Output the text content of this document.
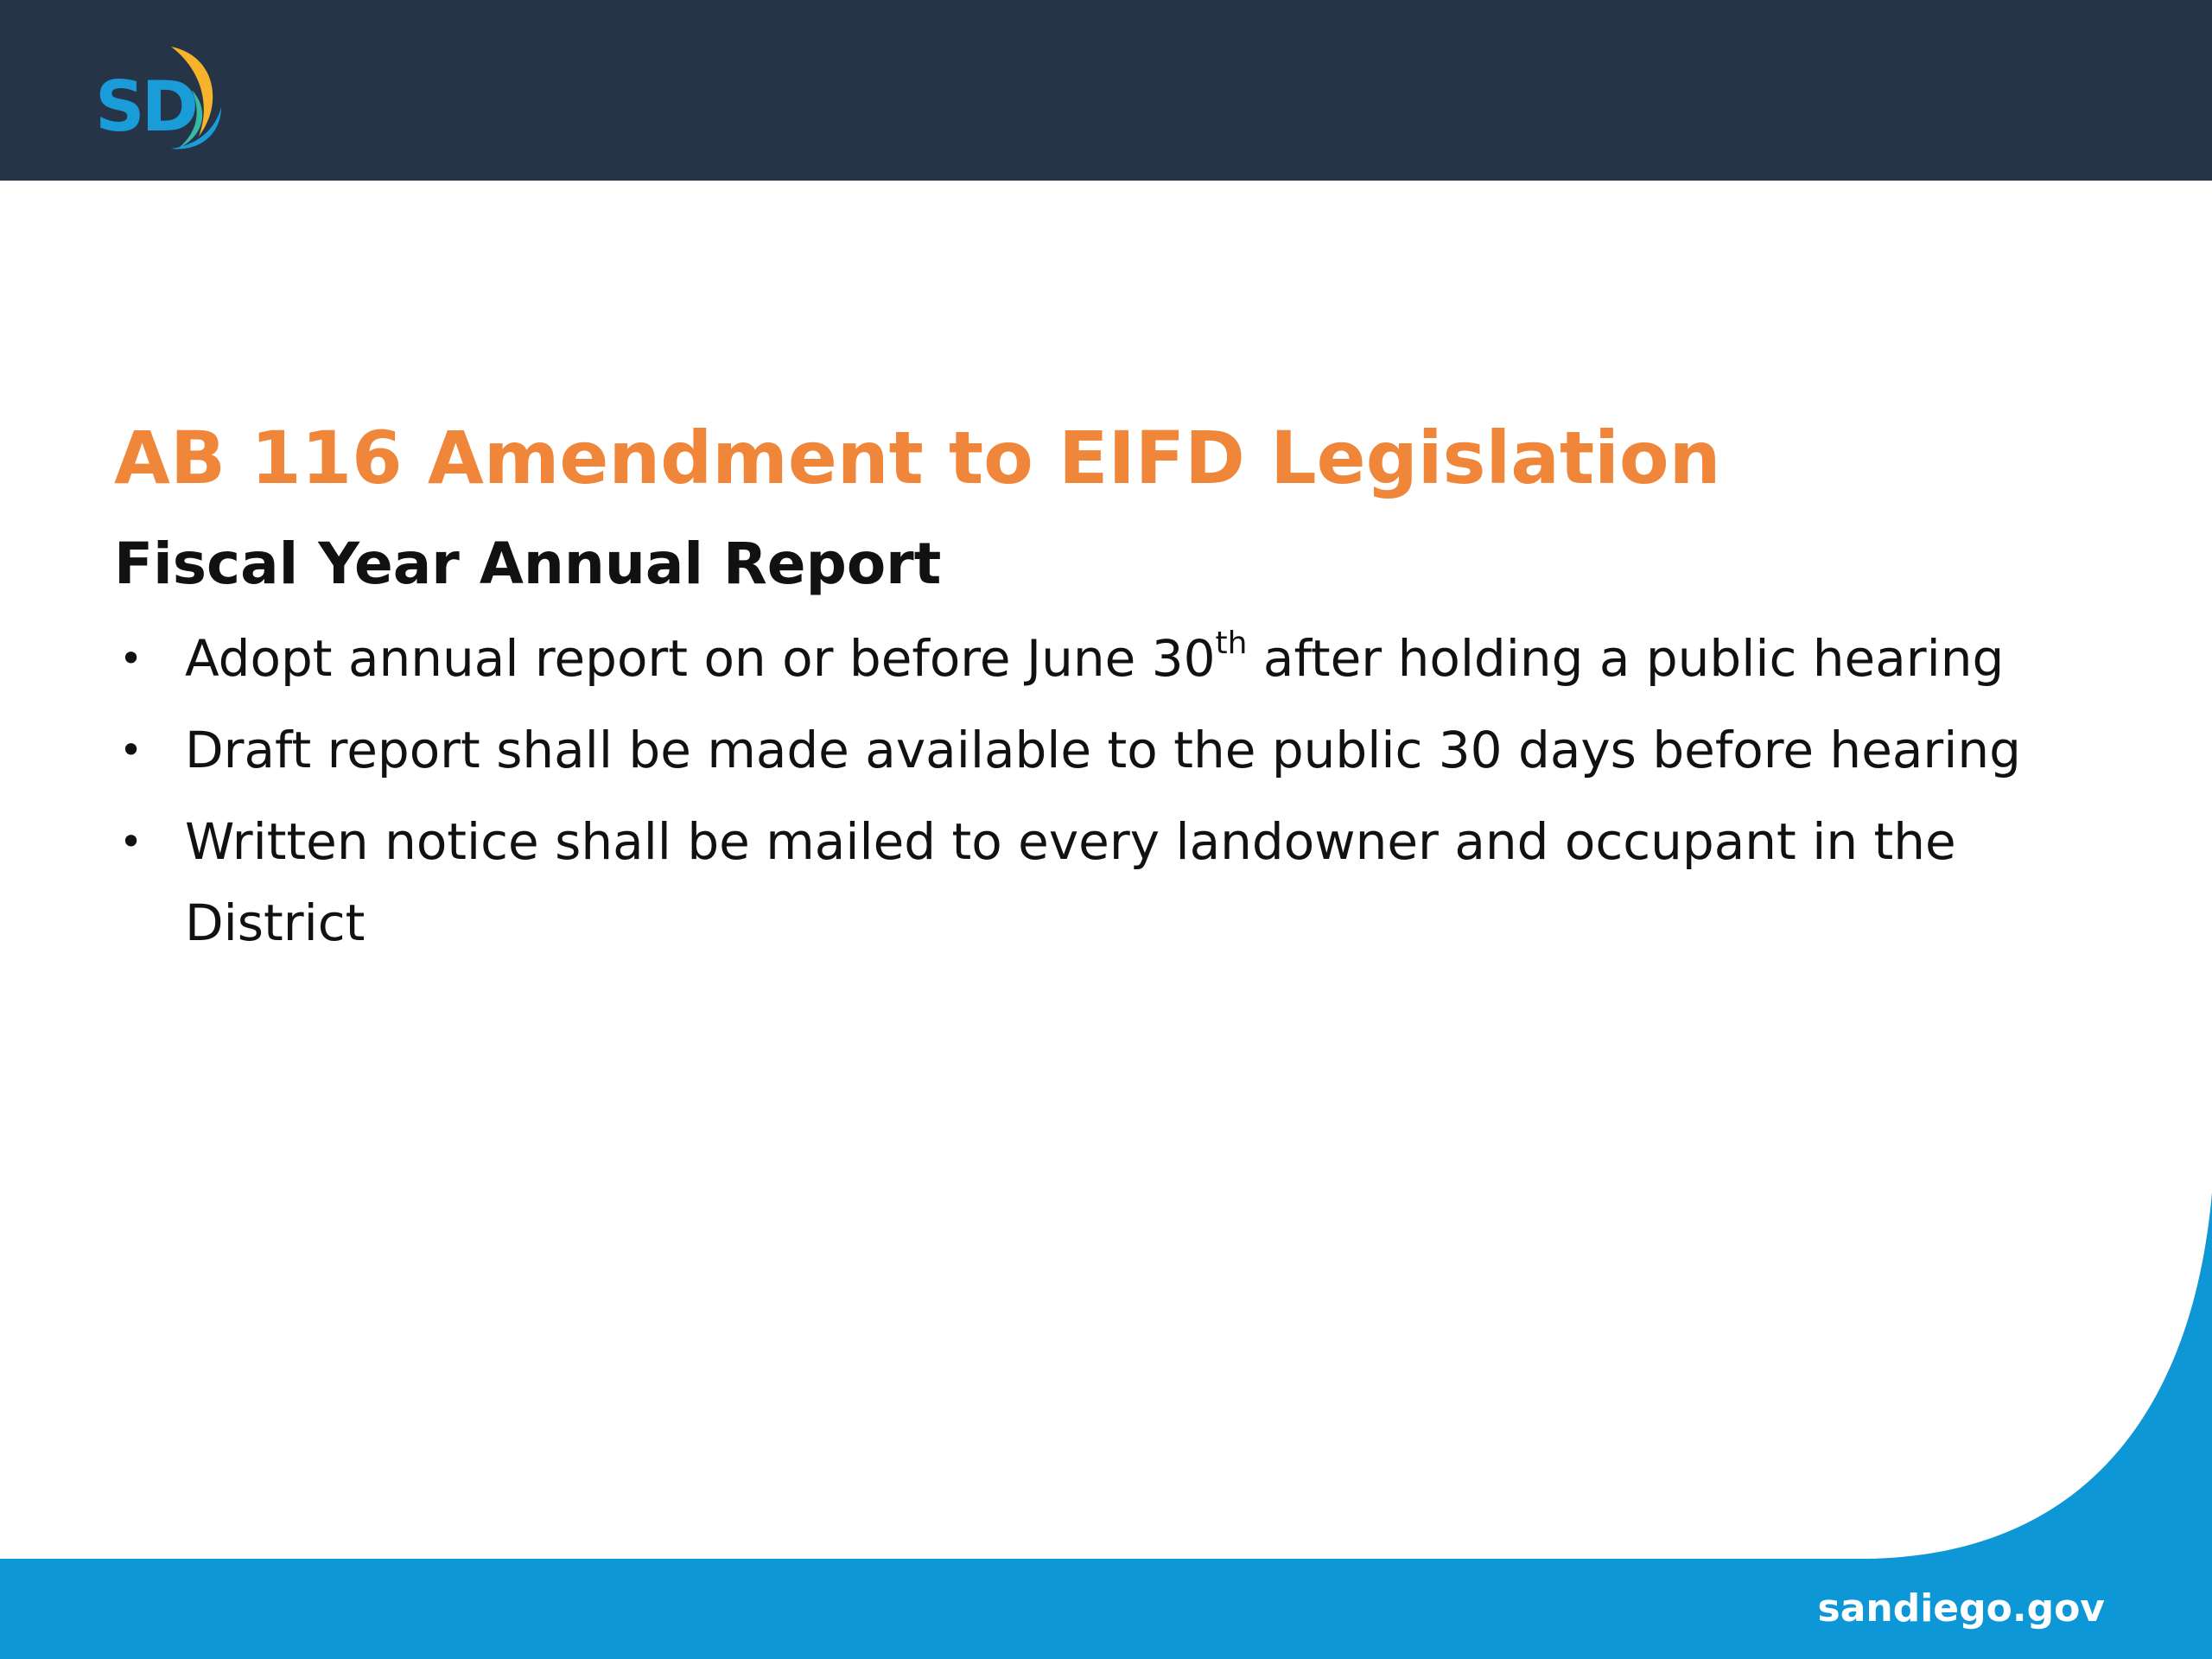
SD
AB 116 Amendment to EIFD Legislation
Fiscal Year Annual Report
• Adopt annual report on or before June 30th after holding a public hearing
• Draft report shall be made available to the public 30 days before hearing
• Written notice shall be mailed to every landowner and occupant in the District
sandiego.gov
